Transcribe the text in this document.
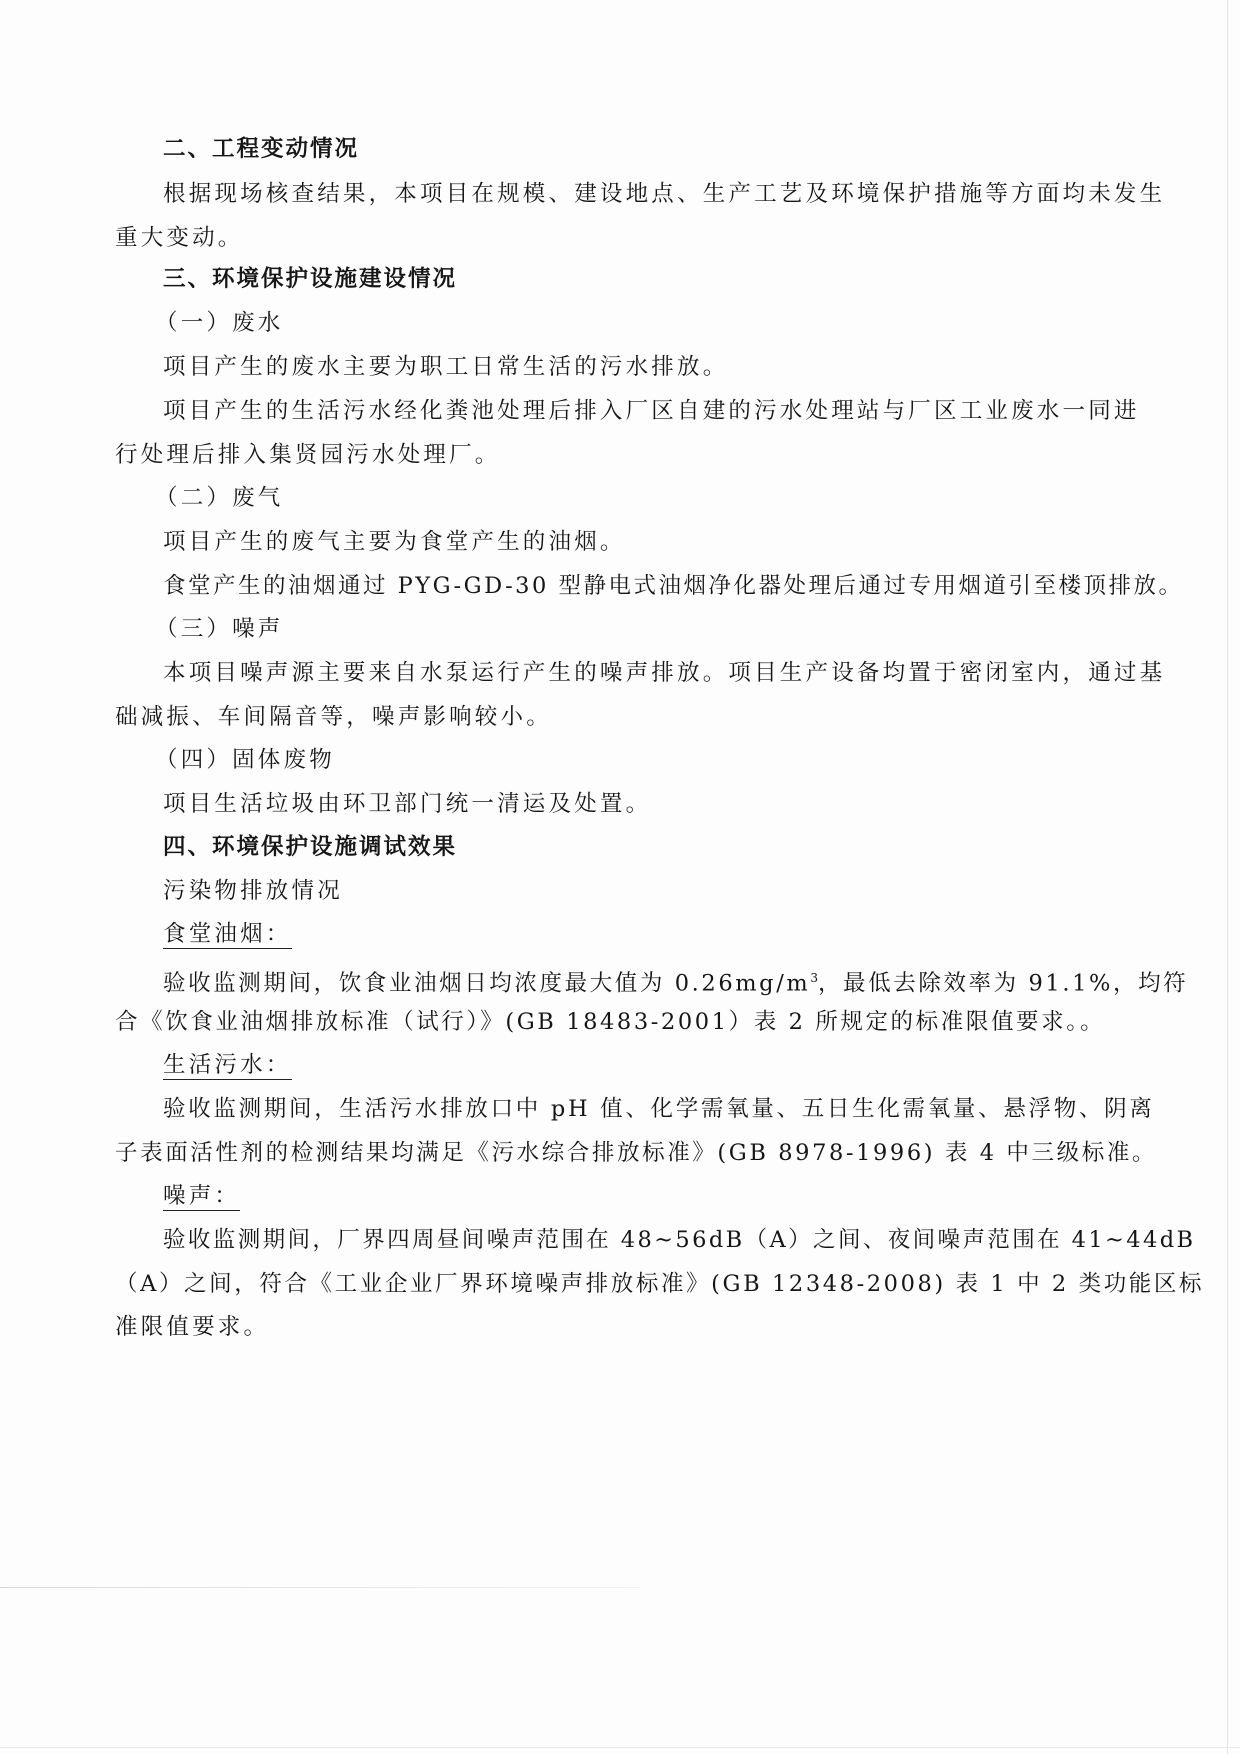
二、工程变动情况
根据现场核查结果，本项目在规模、建设地点、生产工艺及环境保护措施等方面均未发生
重大变动。
三、环境保护设施建设情况
（一）废水
项目产生的废水主要为职工日常生活的污水排放。
项目产生的生活污水经化粪池处理后排入厂区自建的污水处理站与厂区工业废水一同进
行处理后排入集贤园污水处理厂。
（二）废气
项目产生的废气主要为食堂产生的油烟。
食堂产生的油烟通过 PYG-GD-30 型静电式油烟净化器处理后通过专用烟道引至楼顶排放。
（三）噪声
本项目噪声源主要来自水泵运行产生的噪声排放。项目生产设备均置于密闭室内，通过基
础减振、车间隔音等，噪声影响较小。
（四）固体废物
项目生活垃圾由环卫部门统一清运及处置。
四、环境保护设施调试效果
污染物排放情况
食堂油烟：
验收监测期间，饮食业油烟日均浓度最大值为 $0.26mg/m^3$，最低去除效率为 91.1%，均符
合《饮食业油烟排放标准（试行）》(GB 18483-2001）表 2 所规定的标准限值要求。。
生活污水：
验收监测期间，生活污水排放口中 pH 值、化学需氧量、五日生化需氧量、悬浮物、阴离
子表面活性剂的检测结果均满足《污水综合排放标准》(GB 8978-1996) 表 4 中三级标准。
噪声：
验收监测期间，厂界四周昼间噪声范围在 48~56dB（A）之间、夜间噪声范围在 41~44dB
（A）之间，符合《工业企业厂界环境噪声排放标准》(GB 12348-2008) 表 1 中 2 类功能区标
准限值要求。
